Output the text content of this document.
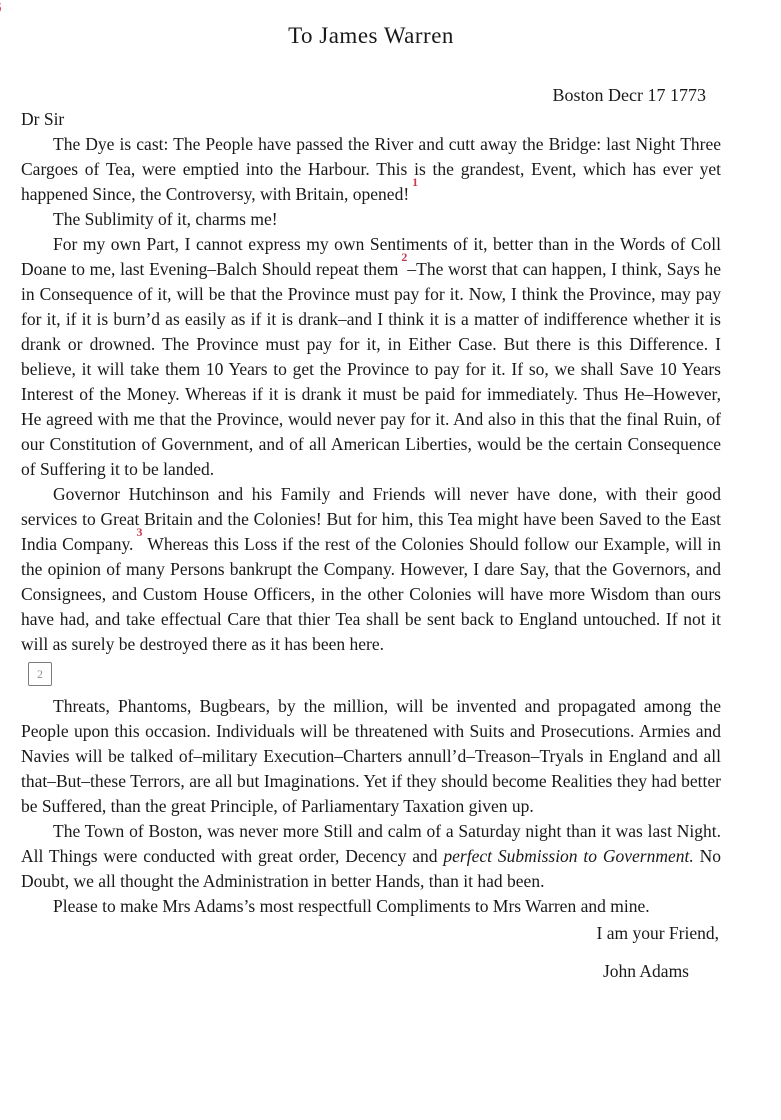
To James Warren
Boston Decr 17 1773
Dr Sir

The Dye is cast: The People have passed the River and cutt away the Bridge: last Night Three Cargoes of Tea, were emptied into the Harbour. This is the grandest, Event, which has ever yet happened Since, the Controversy, with Britain, opened!$^1$

The Sublimity of it, charms me!

For my own Part, I cannot express my own Sentiments of it, better than in the Words of Coll Doane to me, last Evening–Balch Should repeat them$^2$–The worst that can happen, I think, Says he in Consequence of it, will be that the Province must pay for it. Now, I think the Province, may pay for it, if it is burn’d as easily as if it is drank–and I think it is a matter of indifference whether it is drank or drowned. The Province must pay for it, in Either Case. But there is this Difference. I believe, it will take them 10 Years to get the Province to pay for it. If so, we shall Save 10 Years Interest of the Money. Whereas if it is drank it must be paid for immediately. Thus He–However, He agreed with me that the Province, would never pay for it. And also in this that the final Ruin, of our Constitution of Government, and of all American Liberties, would be the certain Consequence of Suffering it to be landed.

Governor Hutchinson and his Family and Friends will never have done, with their good services to Great Britain and the Colonies! But for him, this Tea might have been Saved to the East India Company.$^3$ Whereas this Loss if the rest of the Colonies Should follow our Example, will in the opinion of many Persons bankrupt the Company. However, I dare Say, that the Governors, and Consignees, and Custom House Officers, in the other Colonies will have more Wisdom than ours have had, and take effectual Care that thier Tea shall be sent back to England untouched. If not it will as surely be destroyed there as it has been here.

2

Threats, Phantoms, Bugbears, by the million, will be invented and propagated among the People upon this occasion. Individuals will be threatened with Suits and Prosecutions. Armies and Navies will be talked of–military Execution–Charters annull’d–Treason–Tryals in England and all that–But–these Terrors, are all but Imaginations. Yet if they should become Realities they had better be Suffered, than the great Principle, of Parliamentary Taxation given up.

The Town of Boston, was never more Still and calm of a Saturday night than it was last Night. All Things were conducted with great order, Decency and perfect Submission to Government. No Doubt, we all thought the Administration in better Hands, than it had been.

Please to make Mrs Adams’s most respectfull Compliments to Mrs Warren and mine.

I am your Friend,
John Adams
